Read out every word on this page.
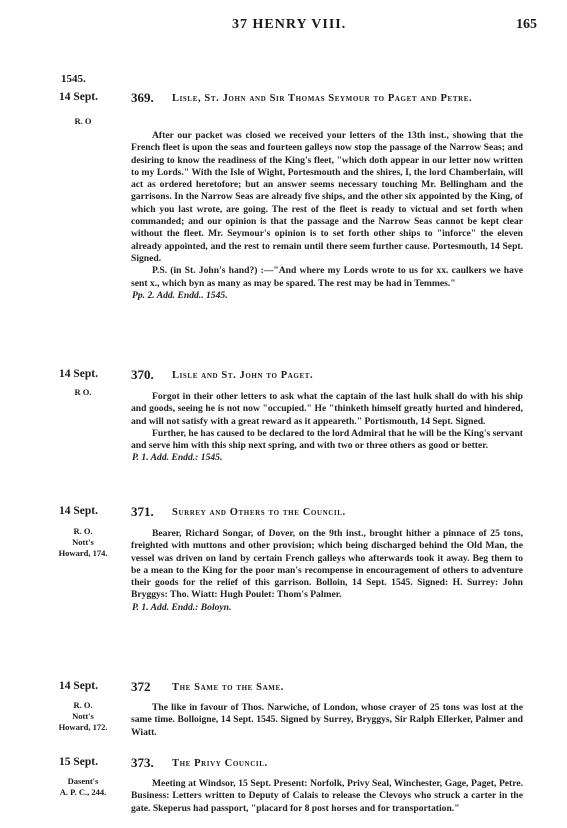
37 HENRY VIII.	165
1545.
14 Sept.
R. O
369. Lisle, St. John and Sir Thomas Seymour to Paget and Petre.

After our packet was closed we received your letters of the 13th inst., showing that the French fleet is upon the seas and fourteen galleys now stop the passage of the Narrow Seas; and desiring to know the readiness of the King's fleet, "which doth appear in our letter now written to my Lords." With the Isle of Wight, Portesmouth and the shires, I, the lord Chamberlain, will act as ordered heretofore; but an answer seems necessary touching Mr. Bellingham and the garrisons. In the Narrow Seas are already five ships, and the other six appointed by the King, of which you last wrote, are going. The rest of the fleet is ready to victual and set forth when commanded; and our opinion is that the passage and the Narrow Seas cannot be kept clear without the fleet. Mr. Seymour's opinion is to set forth other ships to "inforce" the eleven already appointed, and the rest to remain until there seem further cause. Portesmouth, 14 Sept. Signed.

P.S. (in St. John's hand?) :—"And where my Lords wrote to us for xx. caulkers we have sent x., which byn as many as may be spared. The rest may be had in Temmes."

Pp. 2. Add. Endd.. 1545.

14 Sept.
R O.
370. Lisle and St. John to Paget.

Forgot in their other letters to ask what the captain of the last hulk shall do with his ship and goods, seeing he is not now "occupied." He "thinketh himself greatly hurted and hindered, and will not satisfy with a great reward as it appeareth." Portismouth, 14 Sept. Signed.

Further, he has caused to be declared to the lord Admiral that he will be the King's servant and serve him with this ship next spring, and with two or three others as good or better.

P. 1. Add. Endd.: 1545.

14 Sept.
R. O.
Nott's
Howard, 174.
371. Surrey and Others to the Council.

Bearer, Richard Songar, of Dover, on the 9th inst., brought hither a pinnace of 25 tons, freighted with muttons and other provision; which being discharged behind the Old Man, the vessel was driven on land by certain French galleys who afterwards took it away. Beg them to be a mean to the King for the poor man's recompense in encouragement of others to adventure their goods for the relief of this garrison. Bolloin, 14 Sept. 1545. Signed: H. Surrey: John Bryggys: Tho. Wiatt: Hugh Poulet: Thom's Palmer.

P. 1. Add. Endd.: Boloyn.

14 Sept.
R. O.
Nott's
Howard, 172.
372 The Same to the Same.

The like in favour of Thos. Narwiche, of London, whose crayer of 25 tons was lost at the same time. Bolloigne, 14 Sept. 1545. Signed by Surrey, Bryggys, Sir Ralph Ellerker, Palmer and Wiatt.

15 Sept.
Dasent's
A. P. C., 244.
373. The Privy Council.

Meeting at Windsor, 15 Sept. Present: Norfolk, Privy Seal, Winchester, Gage, Paget, Petre. Business: Letters written to Deputy of Calais to release the Clevoys who struck a carter in the gate. Skeperus had passport, "placard for 8 post horses and for transportation."
